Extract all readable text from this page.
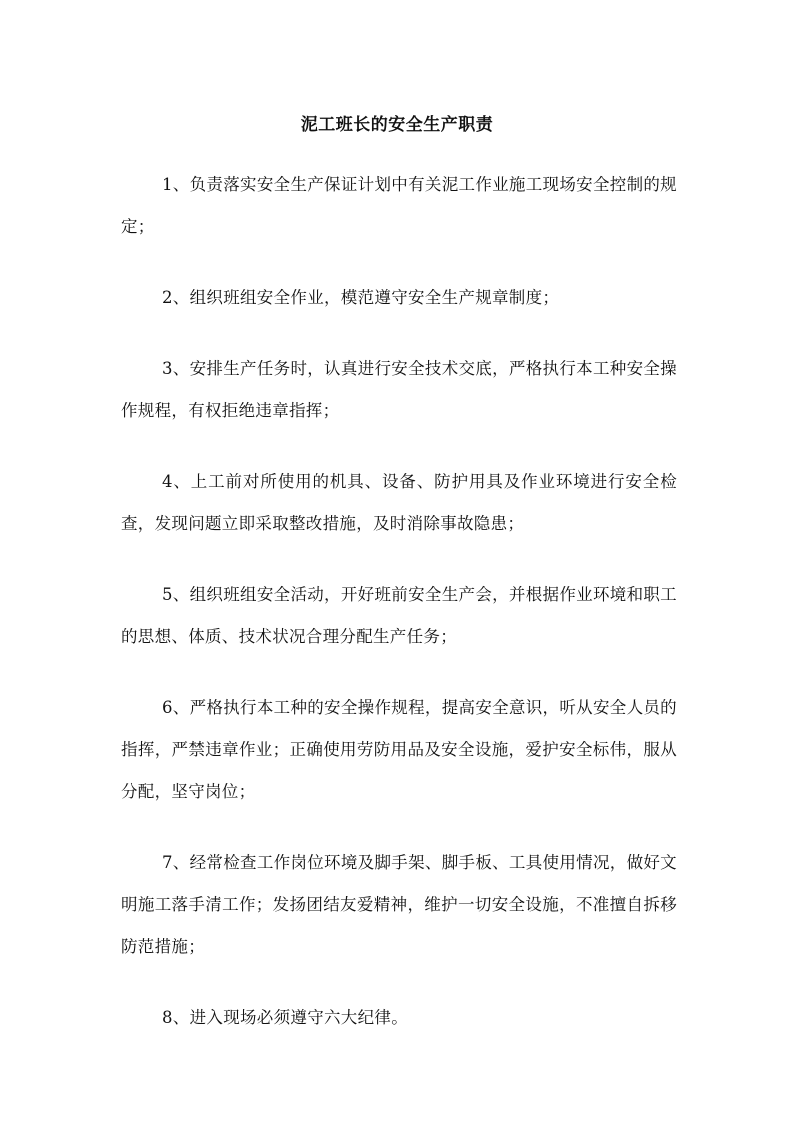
泥工班长的安全生产职责

1、负责落实安全生产保证计划中有关泥工作业施工现场安全控制的规定；

2、组织班组安全作业，模范遵守安全生产规章制度；

3、安排生产任务时，认真进行安全技术交底，严格执行本工种安全操作规程，有权拒绝违章指挥；

4、上工前对所使用的机具、设备、防护用具及作业环境进行安全检查，发现问题立即采取整改措施，及时消除事故隐患；

5、组织班组安全活动，开好班前安全生产会，并根据作业环境和职工的思想、体质、技术状况合理分配生产任务；

6、严格执行本工种的安全操作规程，提高安全意识，听从安全人员的指挥，严禁违章作业；正确使用劳防用品及安全设施，爱护安全标伟，服从分配，坚守岗位；

7、经常检查工作岗位环境及脚手架、脚手板、工具使用情况，做好文明施工落手清工作；发扬团结友爱精神，维护一切安全设施，不准擅自拆移防范措施；

8、进入现场必须遵守六大纪律。
